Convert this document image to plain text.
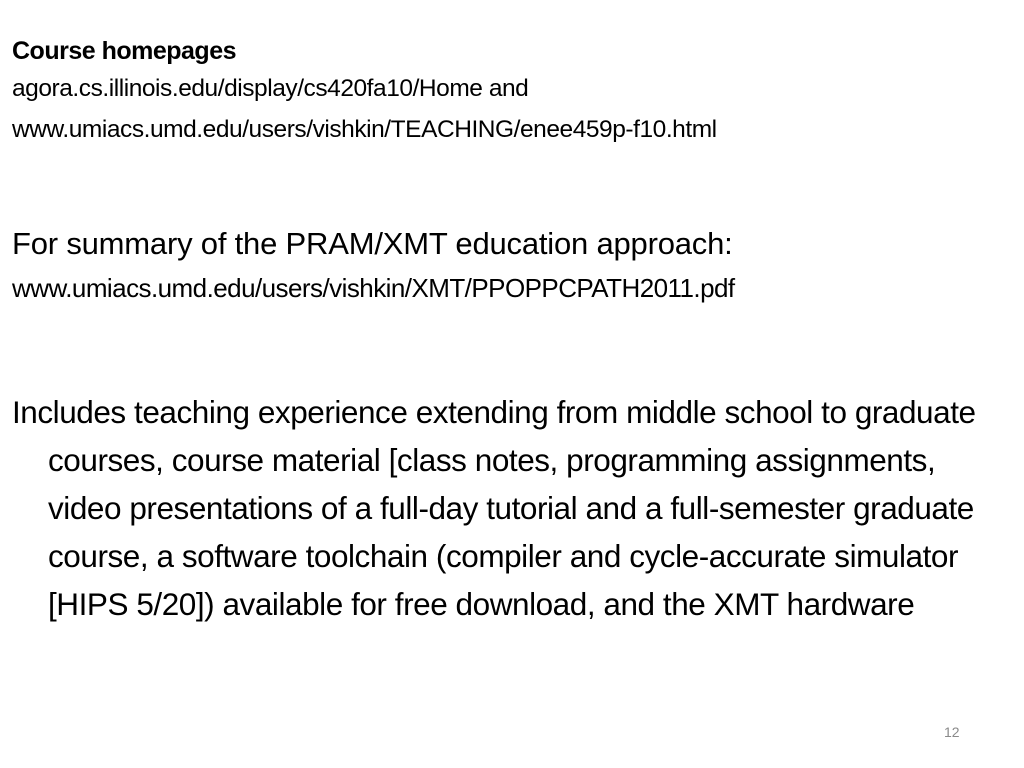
Course homepages
agora.cs.illinois.edu/display/cs420fa10/Home and
www.umiacs.umd.edu/users/vishkin/TEACHING/enee459p-f10.html
For summary of the PRAM/XMT education approach:
www.umiacs.umd.edu/users/vishkin/XMT/PPOPPCPATH2011.pdf

Includes teaching experience extending from middle school to graduate courses, course material [class notes, programming assignments, video presentations of a full-day tutorial and a full-semester graduate course, a software toolchain (compiler and cycle-accurate simulator [HIPS 5/20]) available for free download, and the XMT hardware

12
